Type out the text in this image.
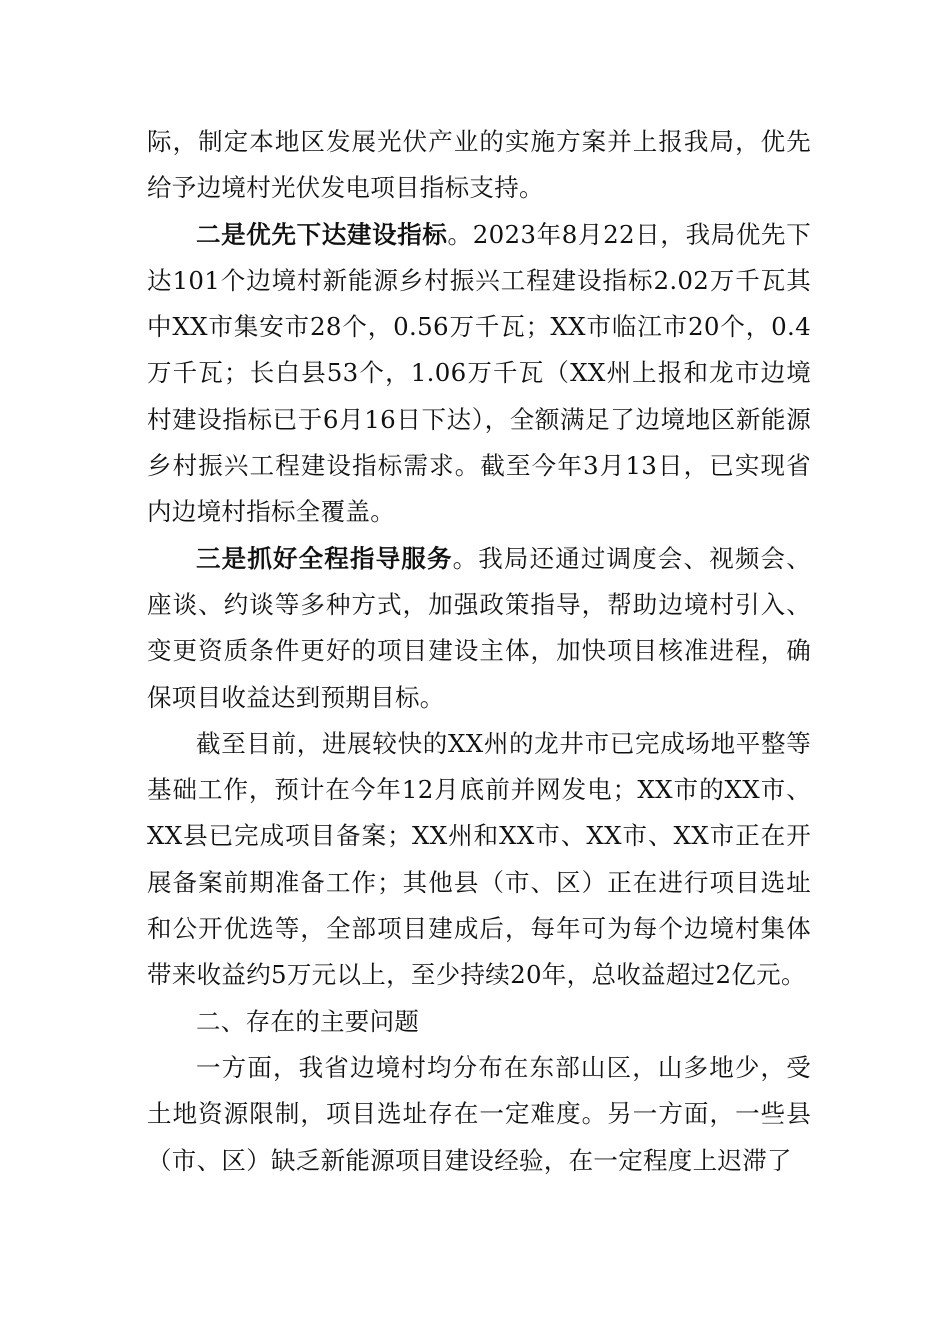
际，制定本地区发展光伏产业的实施方案并上报我局，优先给予边境村光伏发电项目指标支持。

二是优先下达建设指标。2023年8月22日，我局优先下达101个边境村新能源乡村振兴工程建设指标2.02万千瓦其中XX市集安市28个，0.56万千瓦；XX市临江市20个，0.4万千瓦；长白县53个，1.06万千瓦（XX州上报和龙市边境村建设指标已于6月16日下达），全额满足了边境地区新能源乡村振兴工程建设指标需求。截至今年3月13日，已实现省内边境村指标全覆盖。

三是抓好全程指导服务。我局还通过调度会、视频会、座谈、约谈等多种方式，加强政策指导，帮助边境村引入、变更资质条件更好的项目建设主体，加快项目核准进程，确保项目收益达到预期目标。

截至目前，进展较快的XX州的龙井市已完成场地平整等基础工作，预计在今年12月底前并网发电；XX市的XX市、XX县已完成项目备案；XX州和XX市、XX市、XX市正在开展备案前期准备工作；其他县（市、区）正在进行项目选址和公开优选等，全部项目建成后，每年可为每个边境村集体带来收益约5万元以上，至少持续20年，总收益超过2亿元。

二、存在的主要问题

一方面，我省边境村均分布在东部山区，山多地少，受土地资源限制，项目选址存在一定难度。另一方面，一些县（市、区）缺乏新能源项目建设经验，在一定程度上迟滞了
